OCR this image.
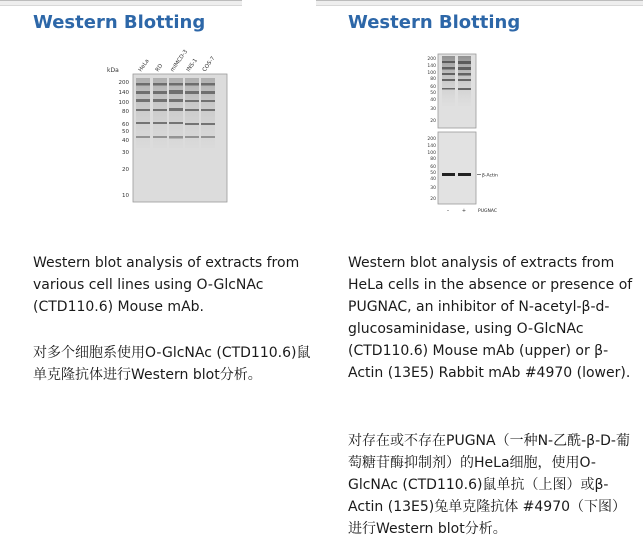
Western Blotting
kDa	HeLa RD mIMCD-3
INS-1 COS-7
200
140
100
80
60
50
40
30
20
10

Western blot analysis of extracts from various cell lines using O-GlcNAc (CTD110.6) Mouse mAb.

对多个细胞系使用O-GlcNAc (CTD110.6)鼠单克隆抗体进行Western blot分析。

Western Blotting
200
140
100
80
60
50
40
30
20
200
140
100
80
60
50
40
30
20
β-Actin
–	+	PUGNAC

Western blot analysis of extracts from HeLa cells in the absence or presence of PUGNAC, an inhibitor of N-acetyl-β-d-glucosaminidase, using O-GlcNAc (CTD110.6) Mouse mAb (upper) or β-Actin (13E5) Rabbit mAb #4970 (lower).

对存在或不存在PUGNA（一种N-乙酰-β-D-葡萄糖苷酶抑制剂）的HeLa细胞，使用O-GlcNAc (CTD110.6)鼠单抗（上图）或β-Actin (13E5)兔单克隆抗体 #4970（下图）进行Western blot分析。
